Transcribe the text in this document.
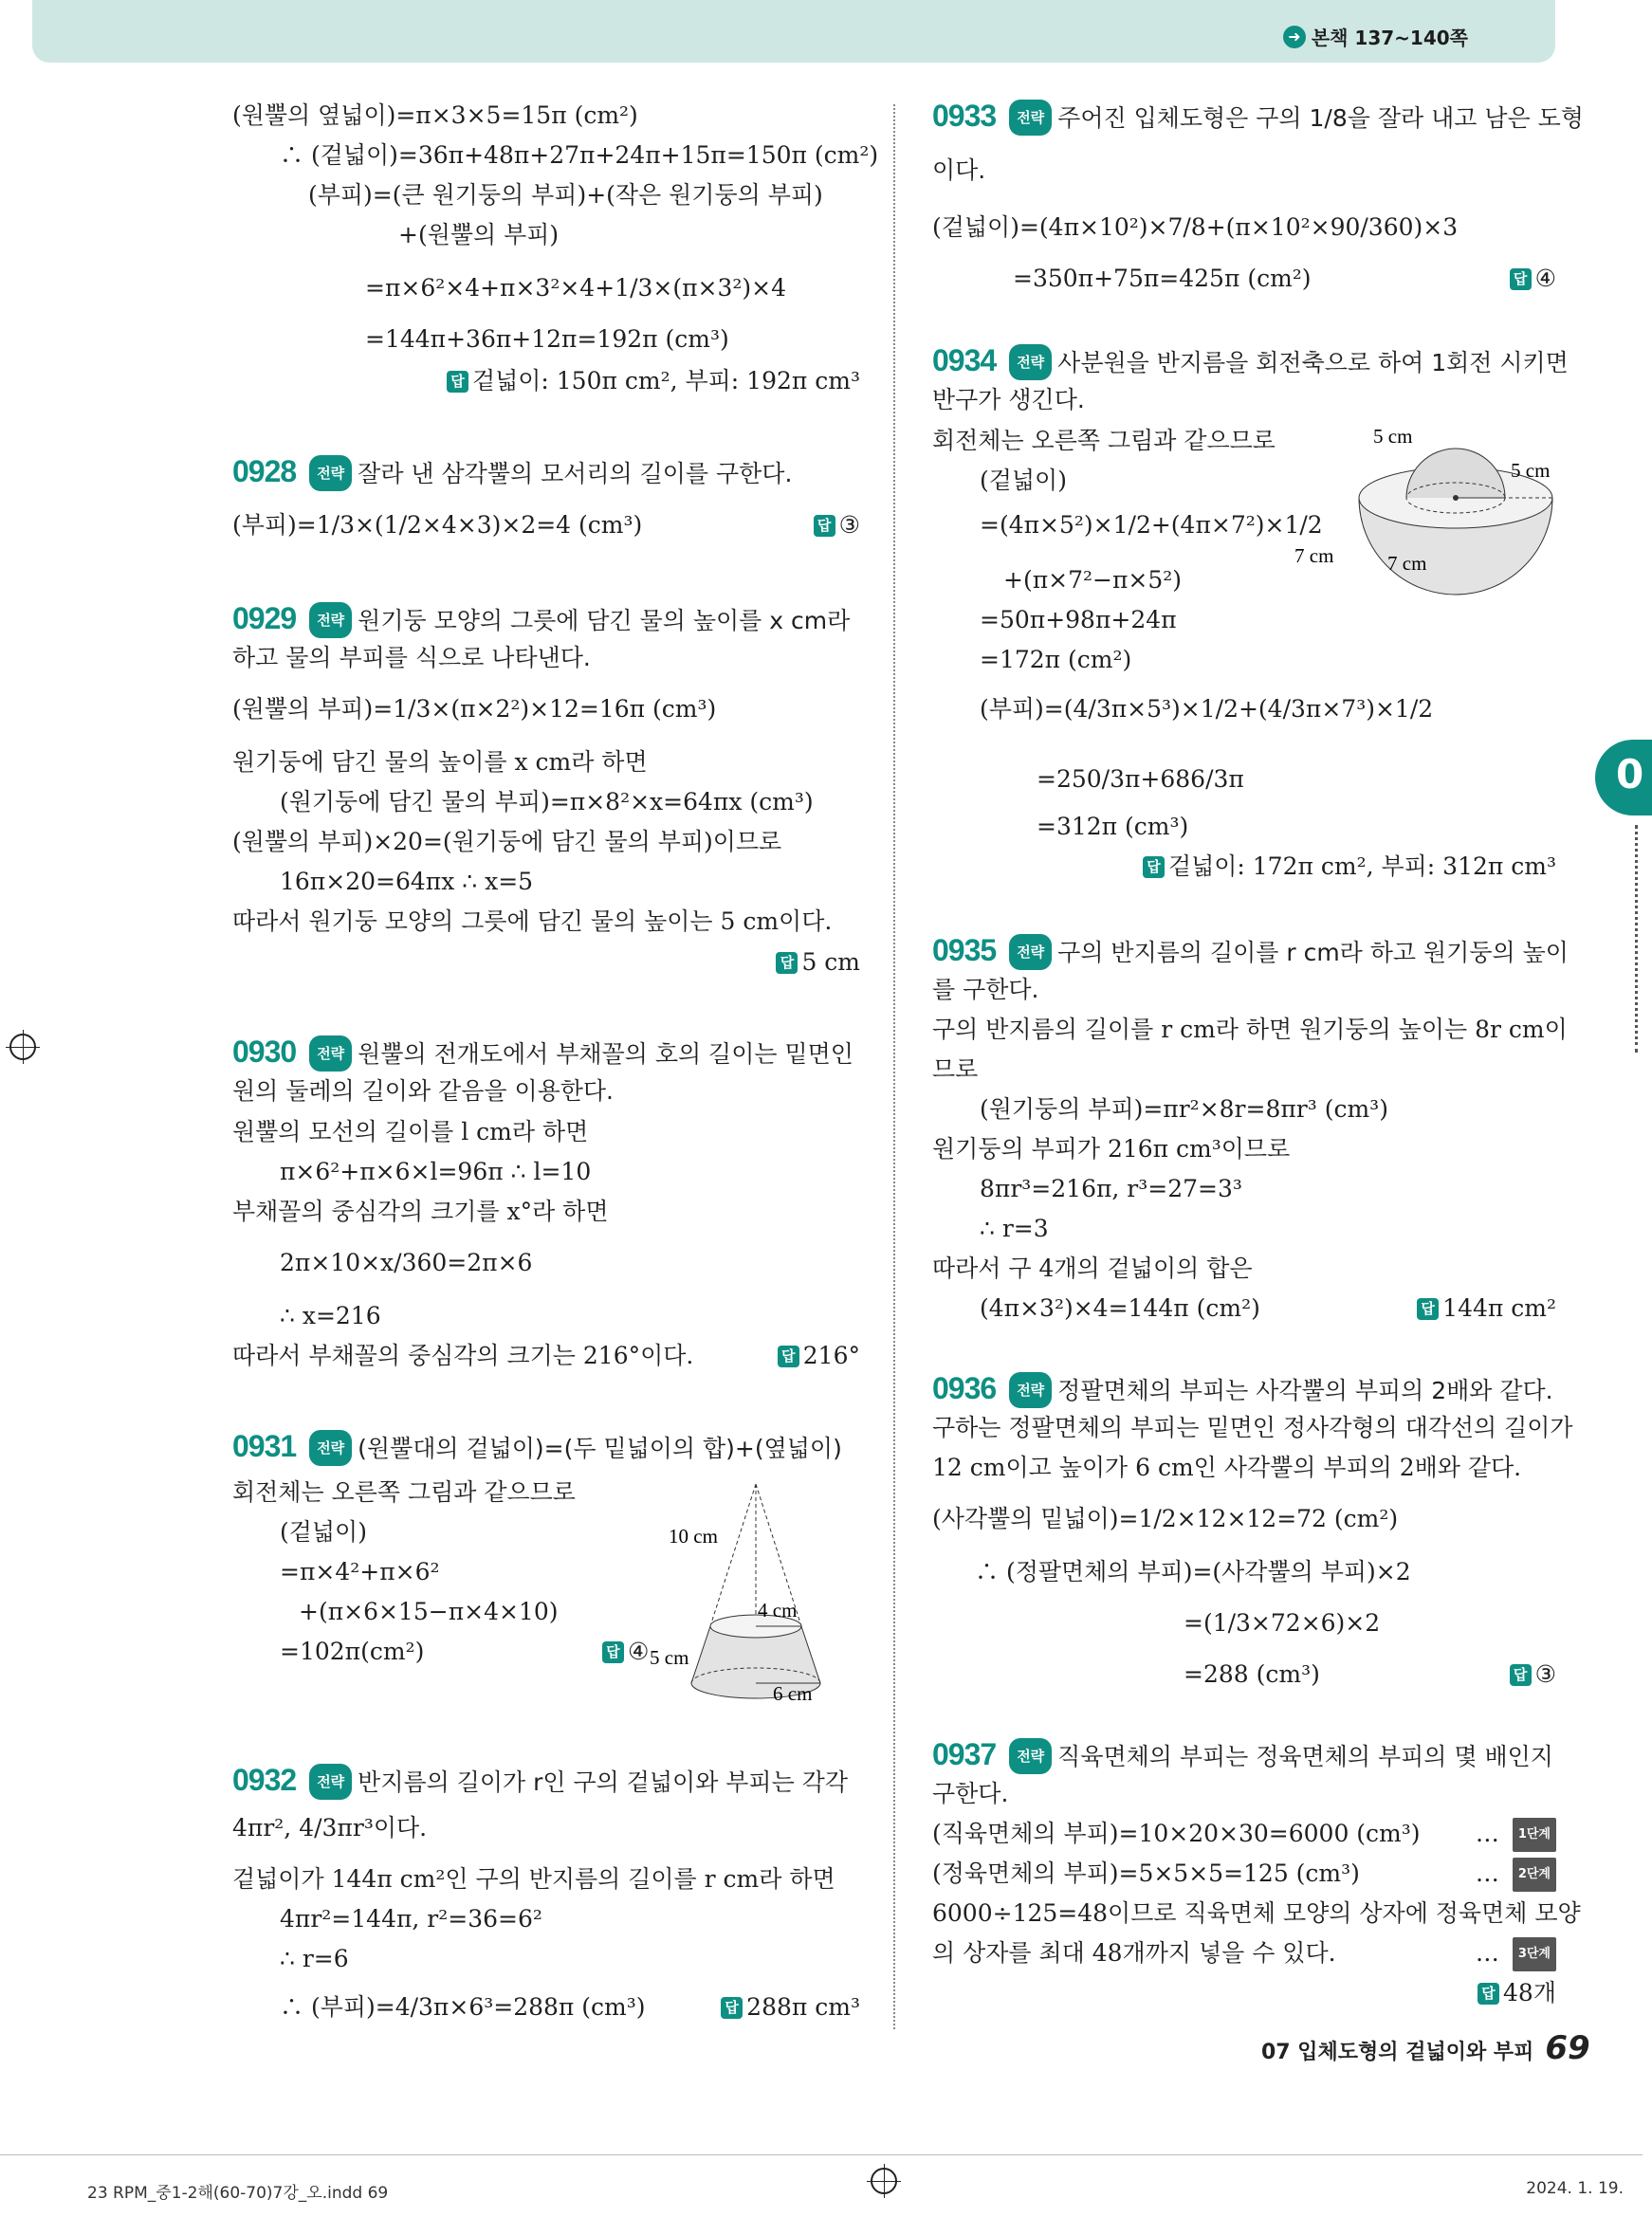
➜ 본책 137~140쪽
(원뿔의 옆넓이)=π×3×5=15π (cm²)
∴ (겉넓이)=36π+48π+27π+24π+15π=150π (cm²)
(부피)=(큰 원기둥의 부피)+(작은 원기둥의 부피)
+(원뿔의 부피)
=π×6²×4+π×3²×4+1/3×(π×3²)×4
=144π+36π+12π=192π (cm³)
답 겉넓이: 150π cm², 부피: 192π cm³
0928 전략 잘라 낸 삼각뿔의 모서리의 길이를 구한다.
(부피)=1/3×(1/2×4×3)×2=4 (cm³)	답 ③
0929 전략 원기둥 모양의 그릇에 담긴 물의 높이를 x cm라
하고 물의 부피를 식으로 나타낸다.
(원뿔의 부피)=1/3×(π×2²)×12=16π (cm³)
원기둥에 담긴 물의 높이를 x cm라 하면
(원기둥에 담긴 물의 부피)=π×8²×x=64πx (cm³)
(원뿔의 부피)×20=(원기둥에 담긴 물의 부피)이므로
16π×20=64πx ∴ x=5
따라서 원기둥 모양의 그릇에 담긴 물의 높이는 5 cm이다.
답 5 cm
0930 전략 원뿔의 전개도에서 부채꼴의 호의 길이는 밑면인
원의 둘레의 길이와 같음을 이용한다.
원뿔의 모선의 길이를 l cm라 하면
π×6²+π×6×l=96π ∴ l=10
부채꼴의 중심각의 크기를 x°라 하면
2π×10×x/360=2π×6
∴ x=216
따라서 부채꼴의 중심각의 크기는 216°이다.	답 216°
0931 전략 (원뿔대의 겉넓이)=(두 밑넓이의 합)+(옆넓이)
회전체는 오른쪽 그림과 같으므로
(겉넓이)
=π×4²+π×6²
+(π×6×15−π×4×10)
=102π(cm²)	답 ④
10 cm
4 cm
5 cm
6 cm
0932 전략 반지름의 길이가 r인 구의 겉넓이와 부피는 각각
4πr², 4/3πr³이다.
겉넓이가 144π cm²인 구의 반지름의 길이를 r cm라 하면
4πr²=144π, r²=36=6²
∴ r=6
∴ (부피)=4/3π×6³=288π (cm³)	답 288π cm³
0933 전략 주어진 입체도형은 구의 1/8을 잘라 내고 남은 도형
이다.
(겉넓이)=(4π×10²)×7/8+(π×10²×90/360)×3
=350π+75π=425π (cm²)	답 ④
0934 전략 사분원을 반지름을 회전축으로 하여 1회전 시키면
반구가 생긴다.
회전체는 오른쪽 그림과 같으므로
(겉넓이)
=(4π×5²)×1/2+(4π×7²)×1/2
+(π×7²−π×5²)
=50π+98π+24π
=172π (cm²)
(부피)=(4/3π×5³)×1/2+(4/3π×7³)×1/2
=250/3π+686/3π
=312π (cm³)
답 겉넓이: 172π cm², 부피: 312π cm³
5 cm
5 cm
7 cm	7 cm
0935 전략 구의 반지름의 길이를 r cm라 하고 원기둥의 높이
를 구한다.
구의 반지름의 길이를 r cm라 하면 원기둥의 높이는 8r cm이
므로
(원기둥의 부피)=πr²×8r=8πr³ (cm³)
원기둥의 부피가 216π cm³이므로
8πr³=216π, r³=27=3³
∴ r=3
따라서 구 4개의 겉넓이의 합은
(4π×3²)×4=144π (cm²)	답 144π cm²
0936 전략 정팔면체의 부피는 사각뿔의 부피의 2배와 같다.
구하는 정팔면체의 부피는 밑면인 정사각형의 대각선의 길이가
12 cm이고 높이가 6 cm인 사각뿔의 부피의 2배와 같다.
(사각뿔의 밑넓이)=1/2×12×12=72 (cm²)
∴ (정팔면체의 부피)=(사각뿔의 부피)×2
=(1/3×72×6)×2
=288 (cm³)	답 ③
0937 전략 직육면체의 부피는 정육면체의 부피의 몇 배인지
구한다.
(직육면체의 부피)=10×20×30=6000 (cm³) … 1단계
(정육면체의 부피)=5×5×5=125 (cm³)	… 2단계
6000÷125=48이므로 직육면체 모양의 상자에 정육면체 모양
의 상자를 최대 48개까지 넣을 수 있다.	… 3단계
답 48개
0
07 입체도형의 겉넓이와 부피 69
23 RPM_중1-2해(60-70)7강_오.indd 69	2024. 1. 19.
